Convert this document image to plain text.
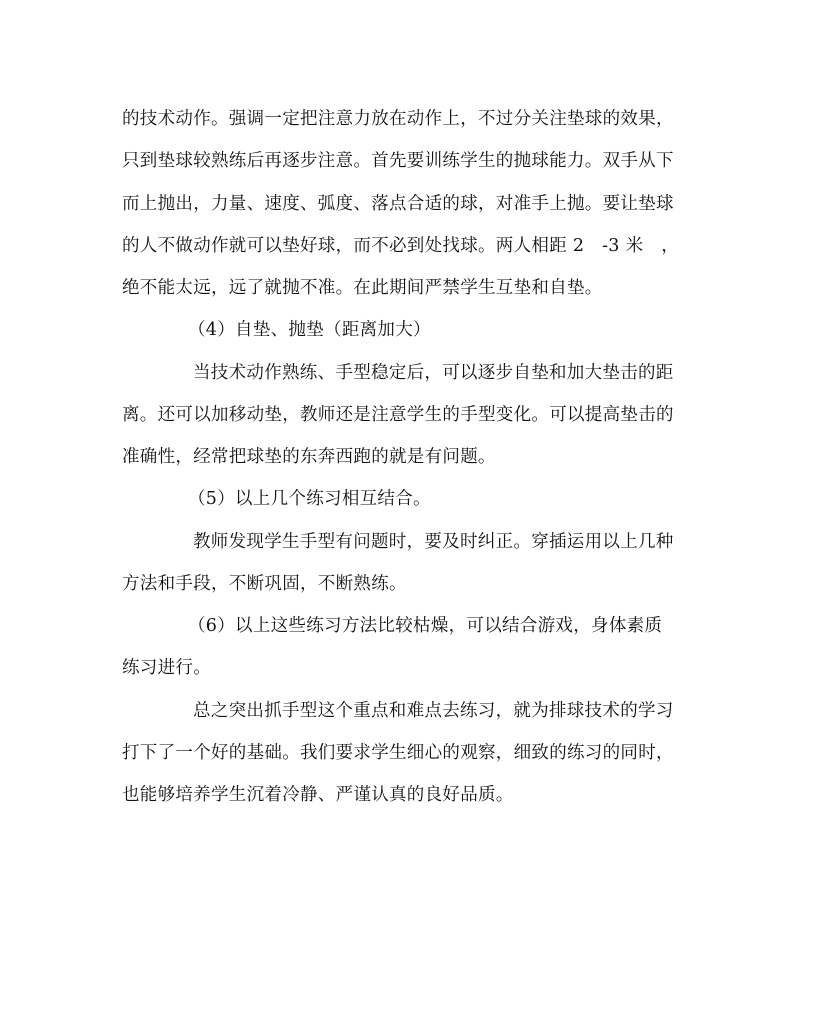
的技术动作。强调一定把注意力放在动作上，不过分关注垫球的效果，
只到垫球较熟练后再逐步注意。首先要训练学生的抛球能力。双手从下
而上抛出，力量、速度、弧度、落点合适的球，对准手上抛。要让垫球
的人不做动作就可以垫好球，而不必到处找球。两人相距 2　-3 米　，
绝不能太远，远了就抛不准。在此期间严禁学生互垫和自垫。
（4）自垫、抛垫（距离加大）
当技术动作熟练、手型稳定后，可以逐步自垫和加大垫击的距
离。还可以加移动垫，教师还是注意学生的手型变化。可以提高垫击的
准确性，经常把球垫的东奔西跑的就是有问题。
（5）以上几个练习相互结合。
教师发现学生手型有问题时，要及时纠正。穿插运用以上几种
方法和手段，不断巩固，不断熟练。
（6）以上这些练习方法比较枯燥，可以结合游戏，身体素质
练习进行。
总之突出抓手型这个重点和难点去练习，就为排球技术的学习
打下了一个好的基础。我们要求学生细心的观察，细致的练习的同时，
也能够培养学生沉着冷静、严谨认真的良好品质。
